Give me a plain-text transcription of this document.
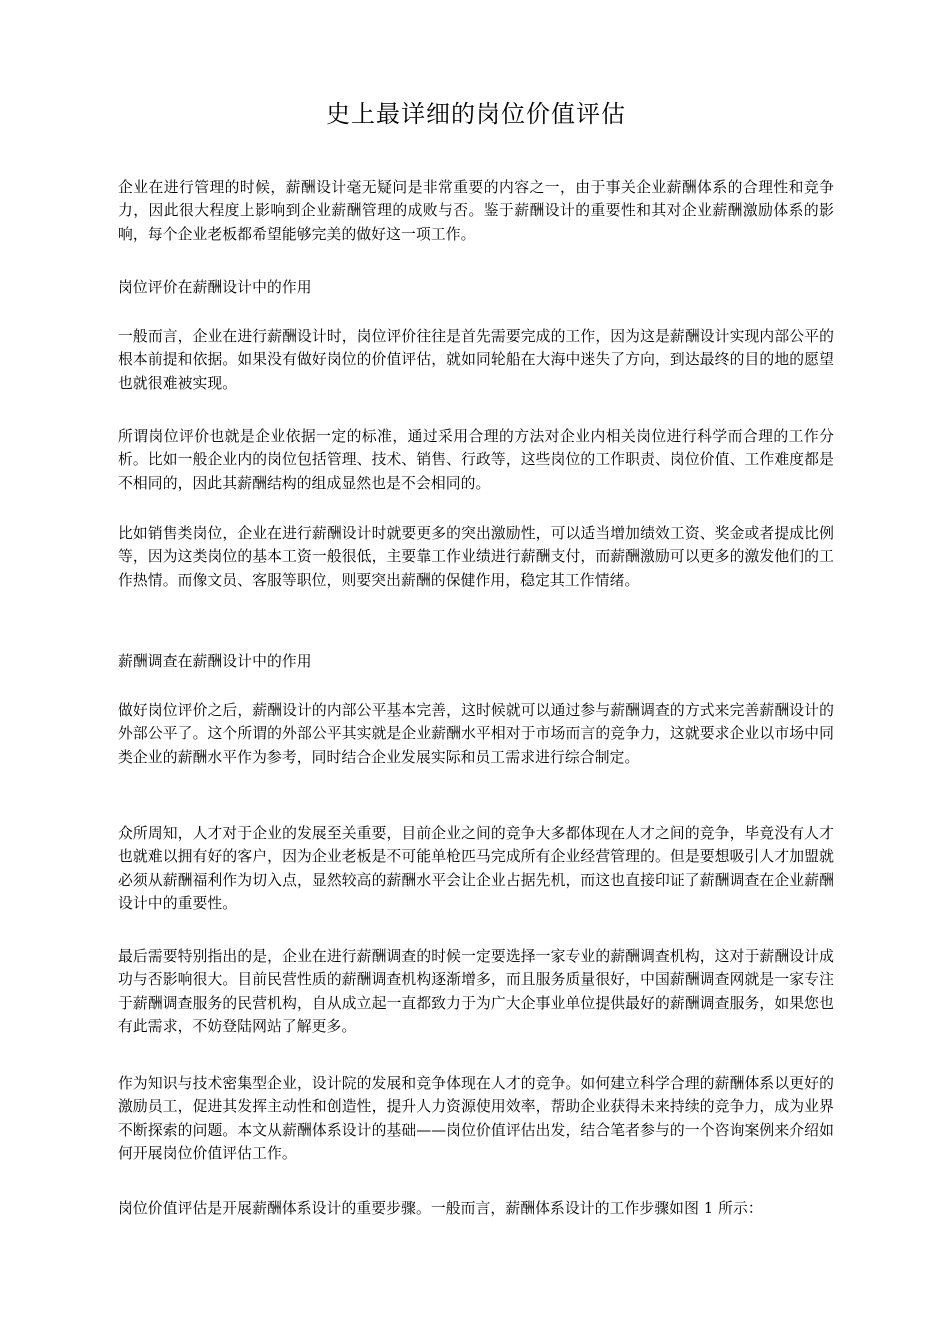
史上最详细的岗位价值评估

企业在进行管理的时候，薪酬设计毫无疑问是非常重要的内容之一，由于事关企业薪酬体系的合理性和竞争力，因此很大程度上影响到企业薪酬管理的成败与否。鉴于薪酬设计的重要性和其对企业薪酬激励体系的影响，每个企业老板都希望能够完美的做好这一项工作。

岗位评价在薪酬设计中的作用

一般而言，企业在进行薪酬设计时，岗位评价往往是首先需要完成的工作，因为这是薪酬设计实现内部公平的根本前提和依据。如果没有做好岗位的价值评估，就如同轮船在大海中迷失了方向，到达最终的目的地的愿望也就很难被实现。

所谓岗位评价也就是企业依据一定的标准，通过采用合理的方法对企业内相关岗位进行科学而合理的工作分析。比如一般企业内的岗位包括管理、技术、销售、行政等，这些岗位的工作职责、岗位价值、工作难度都是不相同的，因此其薪酬结构的组成显然也是不会相同的。

比如销售类岗位，企业在进行薪酬设计时就要更多的突出激励性，可以适当增加绩效工资、奖金或者提成比例等，因为这类岗位的基本工资一般很低，主要靠工作业绩进行薪酬支付，而薪酬激励可以更多的激发他们的工作热情。而像文员、客服等职位，则要突出薪酬的保健作用，稳定其工作情绪。

薪酬调查在薪酬设计中的作用

做好岗位评价之后，薪酬设计的内部公平基本完善，这时候就可以通过参与薪酬调查的方式来完善薪酬设计的外部公平了。这个所谓的外部公平其实就是企业薪酬水平相对于市场而言的竞争力，这就要求企业以市场中同类企业的薪酬水平作为参考，同时结合企业发展实际和员工需求进行综合制定。

众所周知，人才对于企业的发展至关重要，目前企业之间的竞争大多都体现在人才之间的竞争，毕竟没有人才也就难以拥有好的客户，因为企业老板是不可能单枪匹马完成所有企业经营管理的。但是要想吸引人才加盟就必须从薪酬福利作为切入点，显然较高的薪酬水平会让企业占据先机，而这也直接印证了薪酬调查在企业薪酬设计中的重要性。

最后需要特别指出的是，企业在进行薪酬调查的时候一定要选择一家专业的薪酬调查机构，这对于薪酬设计成功与否影响很大。目前民营性质的薪酬调查机构逐渐增多，而且服务质量很好，中国薪酬调查网就是一家专注于薪酬调查服务的民营机构，自从成立起一直都致力于为广大企事业单位提供最好的薪酬调查服务，如果您也有此需求，不妨登陆网站了解更多。

作为知识与技术密集型企业，设计院的发展和竞争体现在人才的竞争。如何建立科学合理的薪酬体系以更好的激励员工，促进其发挥主动性和创造性，提升人力资源使用效率，帮助企业获得未来持续的竞争力，成为业界不断探索的问题。本文从薪酬体系设计的基础——岗位价值评估出发，结合笔者参与的一个咨询案例来介绍如何开展岗位价值评估工作。

岗位价值评估是开展薪酬体系设计的重要步骤。一般而言，薪酬体系设计的工作步骤如图 1 所示：
